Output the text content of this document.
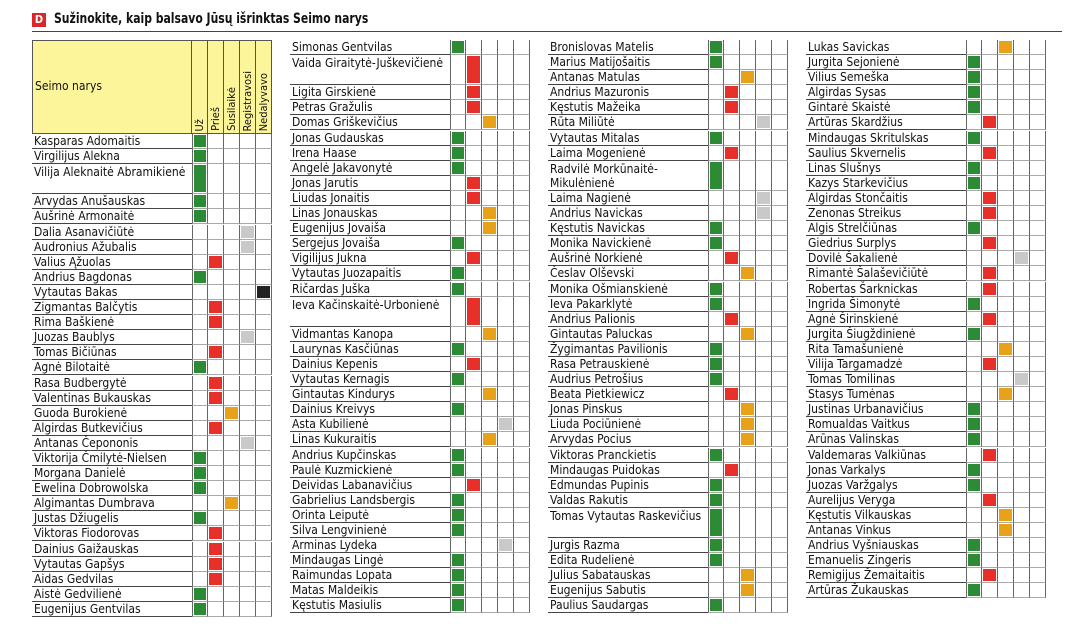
D Sužinokite, kaip balsavo Jūsų išrinktas Seimo narys
Seimo narys
Už Prieš Susilaikė Registravosi Nedalyvavo
Kasparas Adomaitis
Virgilijus Alekna
Vilija Aleknaitė Abramikienė
Arvydas Anušauskas
Aušrinė Armonaitė
Dalia Asanavičiūtė
Audronius Ažubalis
Valius Ąžuolas
Andrius Bagdonas
Vytautas Bakas
Zigmantas Balčytis
Rima Baškienė
Juozas Baublys
Tomas Bičiūnas
Agnė Bilotaitė
Rasa Budbergytė
Valentinas Bukauskas
Guoda Burokienė
Algirdas Butkevičius
Antanas Čepononis
Viktorija Čmilytė-Nielsen
Morgana Danielė
Ewelina Dobrowolska
Algimantas Dumbrava
Justas Džiugelis
Viktoras Fiodorovas
Dainius Gaižauskas
Vytautas Gapšys
Aidas Gedvilas
Aistė Gedvilienė
Eugenijus Gentvilas
Simonas Gentvilas
Vaida Giraitytė-Juškevičienė
Ligita Girskienė
Petras Gražulis
Domas Griškevičius
Jonas Gudauskas
Irena Haase
Angelė Jakavonytė
Jonas Jarutis
Liudas Jonaitis
Linas Jonauskas
Eugenijus Jovaiša
Sergejus Jovaiša
Vigilijus Jukna
Vytautas Juozapaitis
Ričardas Juška
Ieva Kačinskaitė-Urbonienė
Vidmantas Kanopa
Laurynas Kasčiūnas
Dainius Kepenis
Vytautas Kernagis
Gintautas Kindurys
Dainius Kreivys
Asta Kubilienė
Linas Kukuraitis
Andrius Kupčinskas
Paulė Kuzmickienė
Deividas Labanavičius
Gabrielius Landsbergis
Orinta Leiputė
Silva Lengvinienė
Arminas Lydeka
Mindaugas Lingė
Raimundas Lopata
Matas Maldeikis
Kęstutis Masiulis
Bronislovas Matelis
Marius Matijošaitis
Antanas Matulas
Andrius Mazuronis
Kęstutis Mažeika
Rūta Miliūtė
Vytautas Mitalas
Laima Mogenienė
Radvilė Morkūnaitė-Mikulėnienė
Laima Nagienė
Andrius Navickas
Kęstutis Navickas
Monika Navickienė
Aušrinė Norkienė
Česlav Olševski
Monika Ošmianskienė
Ieva Pakarklytė
Andrius Palionis
Gintautas Paluckas
Žygimantas Pavilionis
Rasa Petrauskienė
Audrius Petrošius
Beata Pietkiewicz
Jonas Pinskus
Liuda Pociūnienė
Arvydas Pocius
Viktoras Pranckietis
Mindaugas Puidokas
Edmundas Pupinis
Valdas Rakutis
Tomas Vytautas Raskevičius
Jurgis Razma
Edita Rudelienė
Julius Sabatauskas
Eugenijus Sabutis
Paulius Saudargas
Lukas Savickas
Jurgita Sejonienė
Vilius Semeška
Algirdas Sysas
Gintarė Skaistė
Artūras Skardžius
Mindaugas Skritulskas
Saulius Skvernelis
Linas Slušnys
Kazys Starkevičius
Algirdas Stončaitis
Zenonas Streikus
Algis Strelčiūnas
Giedrius Surplys
Dovilė Šakalienė
Rimantė Šalaševičiūtė
Robertas Šarknickas
Ingrida Šimonytė
Agnė Širinskienė
Jurgita Šiugždinienė
Rita Tamašunienė
Vilija Targamadzė
Tomas Tomilinas
Stasys Tumėnas
Justinas Urbanavičius
Romualdas Vaitkus
Arūnas Valinskas
Valdemaras Valkiūnas
Jonas Varkalys
Juozas Varžgalys
Aurelijus Veryga
Kęstutis Vilkauskas
Antanas Vinkus
Andrius Vyšniauskas
Emanuelis Zingeris
Remigijus Žemaitaitis
Artūras Žukauskas
